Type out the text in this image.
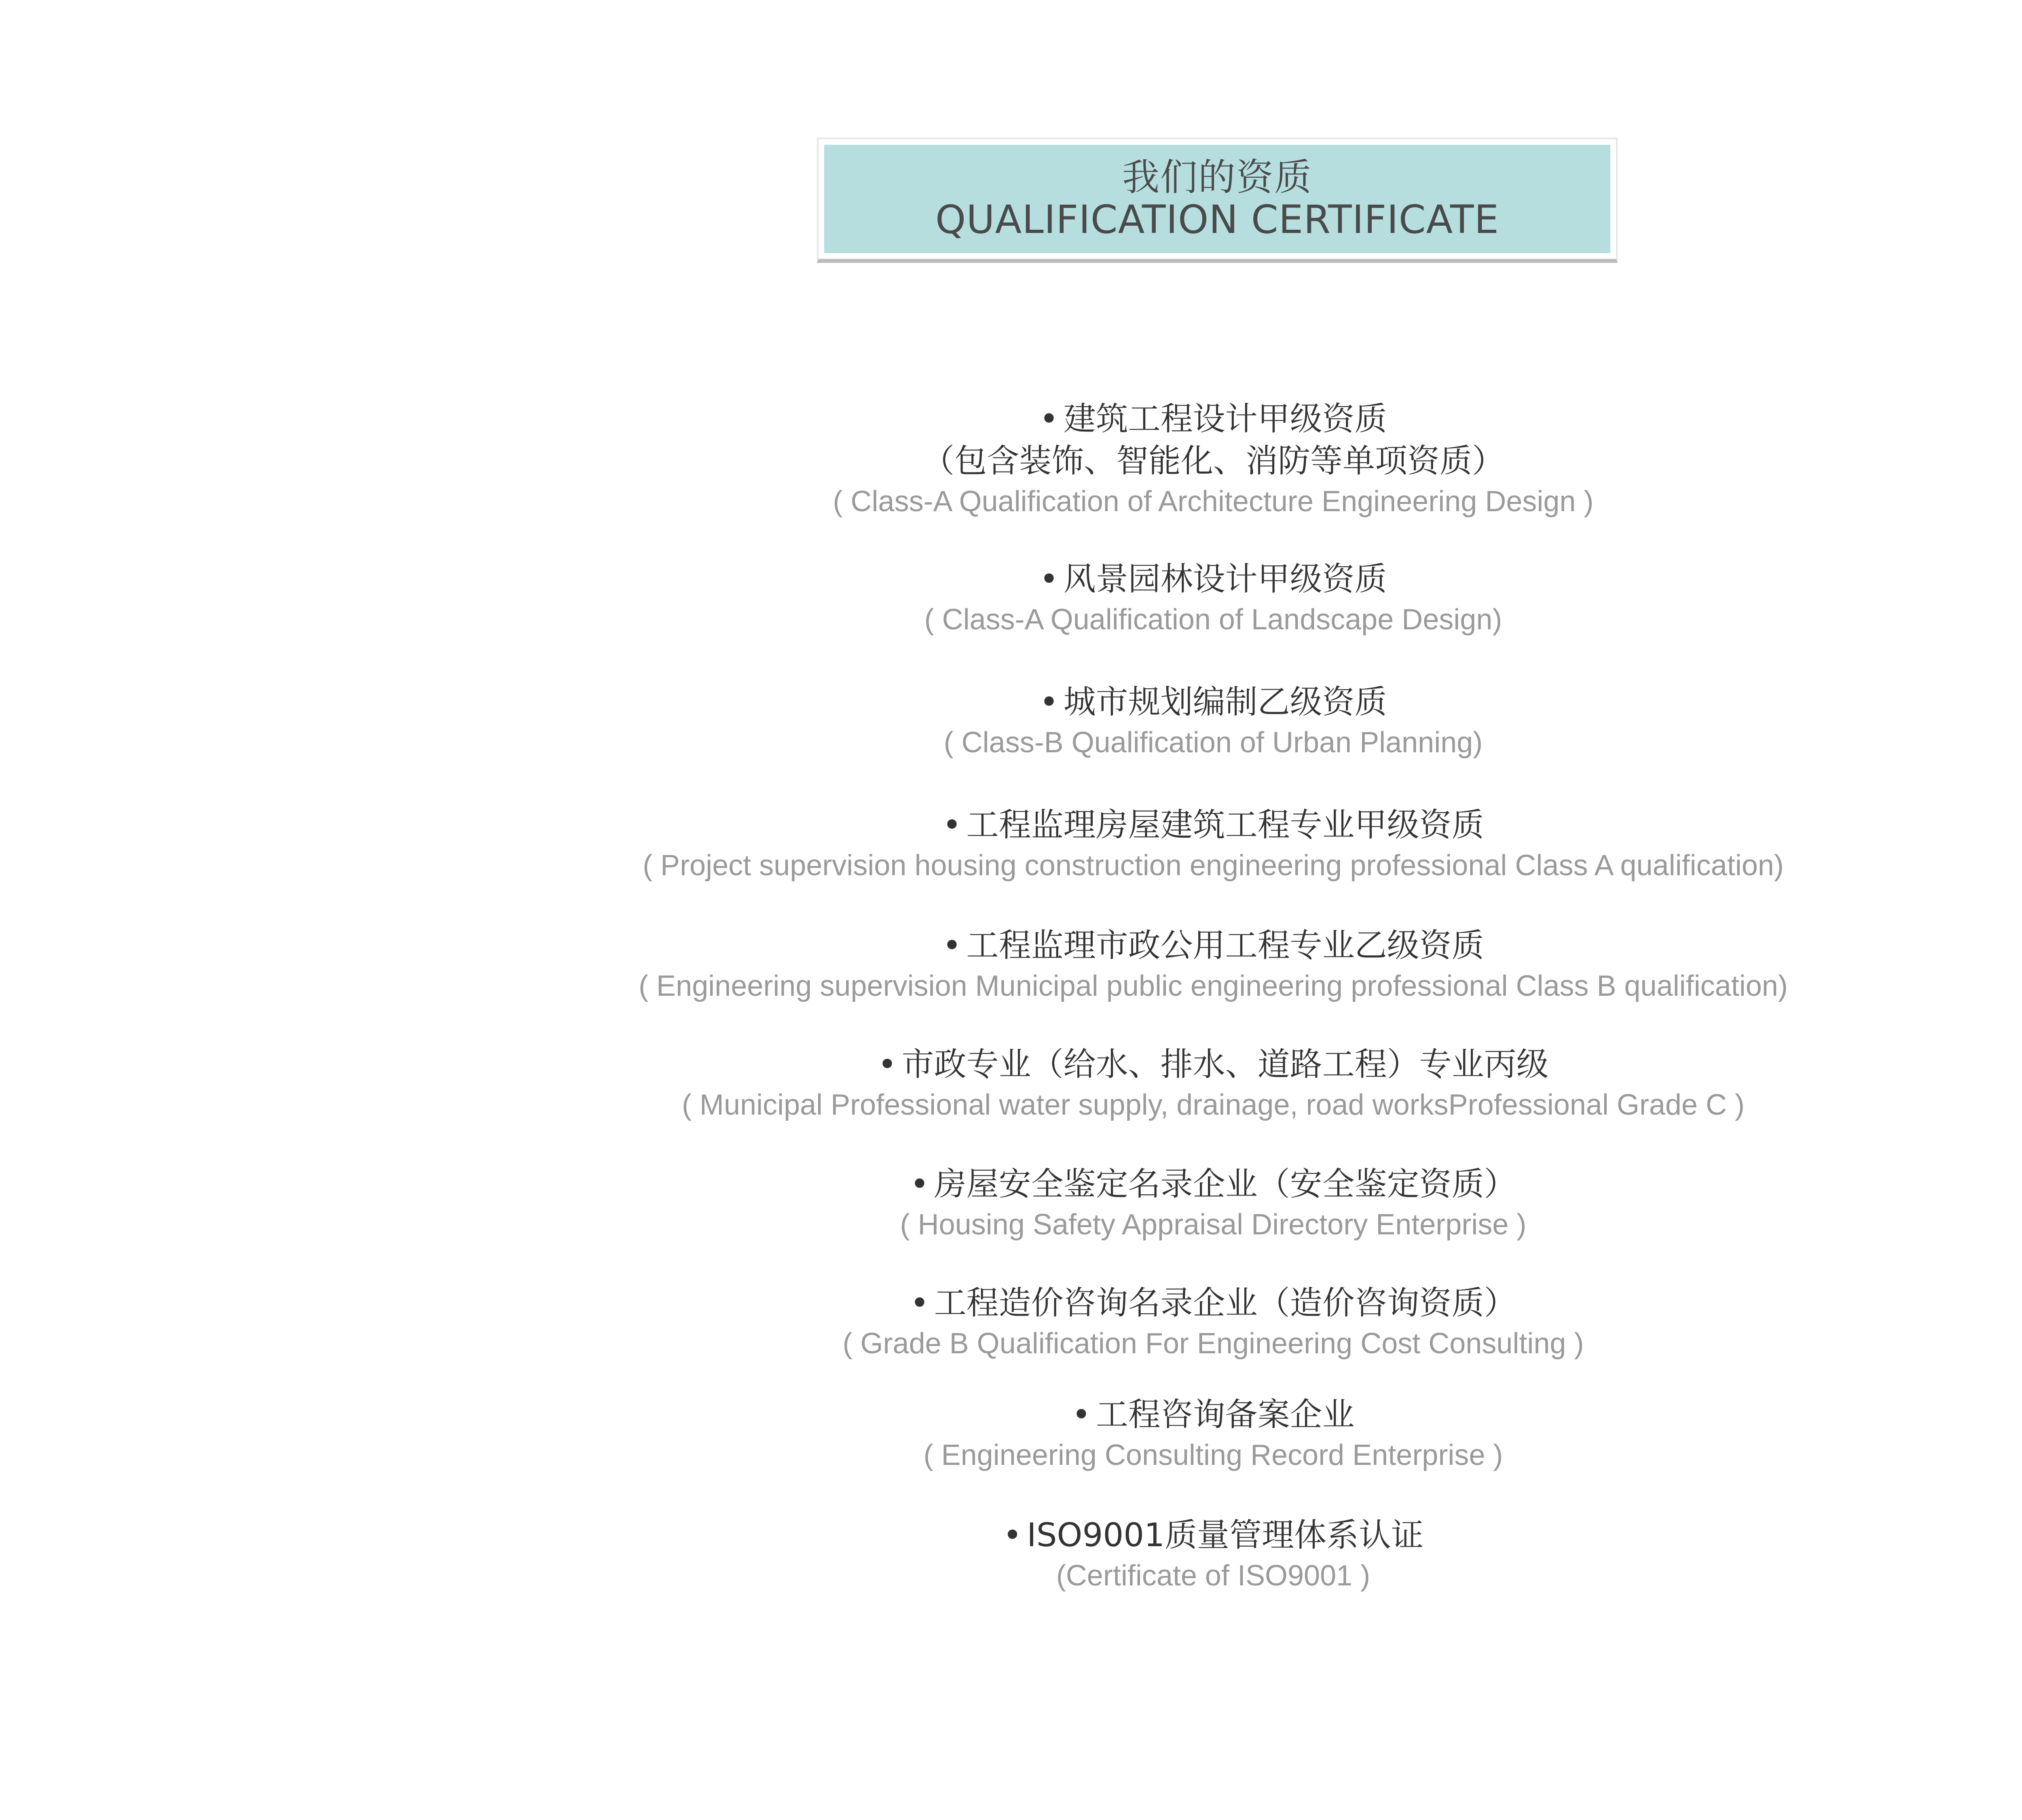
我们的资质
QUALIFICATION CERTIFICATE
• 建筑工程设计甲级资质
（包含装饰、智能化、消防等单项资质）
( Class-A Qualification of Architecture Engineering Design )
• 风景园林设计甲级资质
( Class-A Qualification of Landscape Design)
• 城市规划编制乙级资质
( Class-B Qualification of Urban Planning)
• 工程监理房屋建筑工程专业甲级资质
( Project supervision housing construction engineering professional Class A qualification)
• 工程监理市政公用工程专业乙级资质
( Engineering supervision Municipal public engineering professional Class B qualification)
• 市政专业（给水、排水、道路工程）专业丙级
( Municipal Professional water supply, drainage, road worksProfessional Grade C )
• 房屋安全鉴定名录企业（安全鉴定资质）
( Housing Safety Appraisal Directory Enterprise )
• 工程造价咨询名录企业（造价咨询资质）
( Grade B Qualification For Engineering Cost Consulting )
• 工程咨询备案企业
( Engineering Consulting Record Enterprise )
• ISO9001质量管理体系认证
(Certificate of ISO9001 )
